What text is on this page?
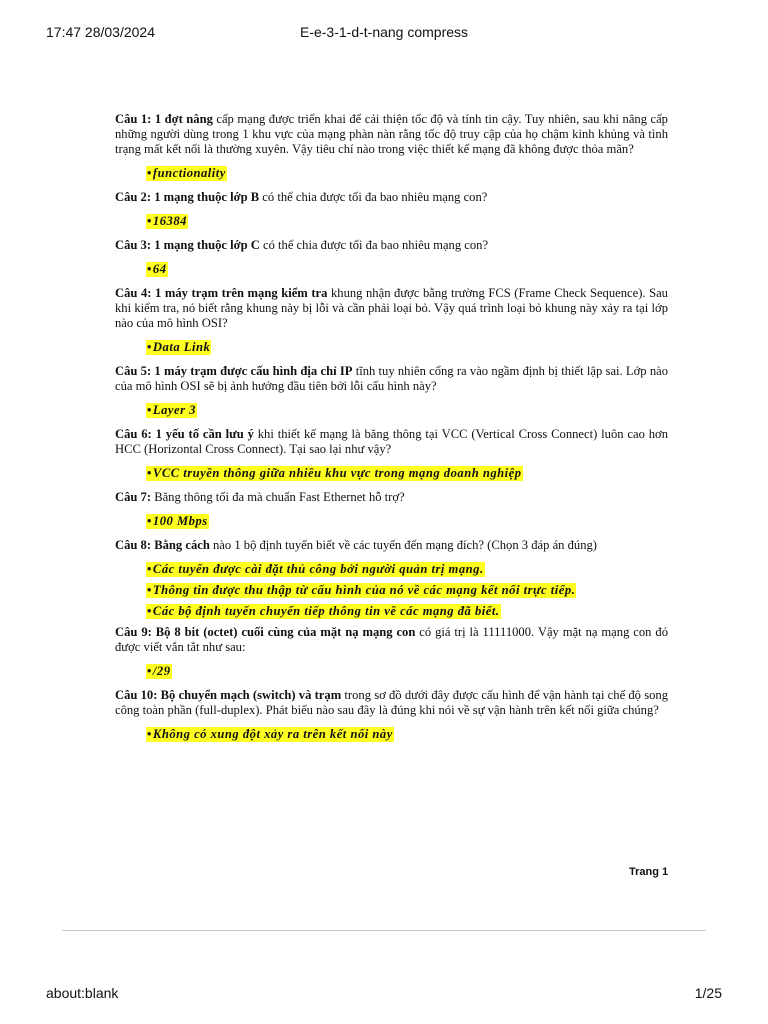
17:47 28/03/2024	E-e-3-1-d-t-nang compress

Câu 1: 1 đợt nâng cấp mạng được triển khai để cải thiện tốc độ và tính tin cậy. Tuy nhiên, sau khi nâng cấp những người dùng trong 1 khu vực của mạng phàn nàn rằng tốc độ truy cập của họ chậm kinh khủng và tình trạng mất kết nối là thường xuyên. Vậy tiêu chí nào trong việc thiết kế mạng đã không được thỏa mãn?

•functionality

Câu 2: 1 mạng thuộc lớp B có thể chia được tối đa bao nhiêu mạng con?

•16384

Câu 3: 1 mạng thuộc lớp C có thể chia được tối đa bao nhiêu mạng con?

•64

Câu 4: 1 máy trạm trên mạng kiểm tra khung nhận được bằng trường FCS (Frame Check Sequence). Sau khi kiểm tra, nó biết rằng khung này bị lỗi và cần phải loại bỏ. Vậy quá trình loại bỏ khung này xảy ra tại lớp nào của mô hình OSI?

•Data Link

Câu 5: 1 máy trạm được cấu hình địa chỉ IP tĩnh tuy nhiên cổng ra vào ngầm định bị thiết lập sai. Lớp nào của mô hình OSI sẽ bị ảnh hưởng đầu tiên bởi lỗi cấu hình này?

•Layer 3

Câu 6: 1 yếu tố cần lưu ý khi thiết kế mạng là băng thông tại VCC (Vertical Cross Connect) luôn cao hơn HCC (Horizontal Cross Connect). Tại sao lại như vậy?

•VCC truyền thông giữa nhiều khu vực trong mạng doanh nghiệp

Câu 7: Băng thông tối đa mà chuẩn Fast Ethernet hỗ trợ?

•100 Mbps

Câu 8: Bằng cách nào 1 bộ định tuyến biết về các tuyến đến mạng đích? (Chọn 3 đáp án đúng)

•Các tuyến được cài đặt thủ công bởi người quản trị mạng.
•Thông tin được thu thập từ cấu hình của nó về các mạng kết nối trực tiếp.
•Các bộ định tuyến chuyển tiếp thông tin về các mạng đã biết.

Câu 9: Bộ 8 bit (octet) cuối cùng của mặt nạ mạng con có giá trị là 11111000. Vậy mặt nạ mạng con đó được viết vắn tắt như sau:

•/29

Câu 10: Bộ chuyển mạch (switch) và trạm trong sơ đồ dưới đây được cấu hình để vận hành tại chế độ song công toàn phần (full-duplex). Phát biểu nào sau đây là đúng khi nói về sự vận hành trên kết nối giữa chúng?

•Không có xung đột xảy ra trên kết nối này
Trang 1
about:blank	1/25
